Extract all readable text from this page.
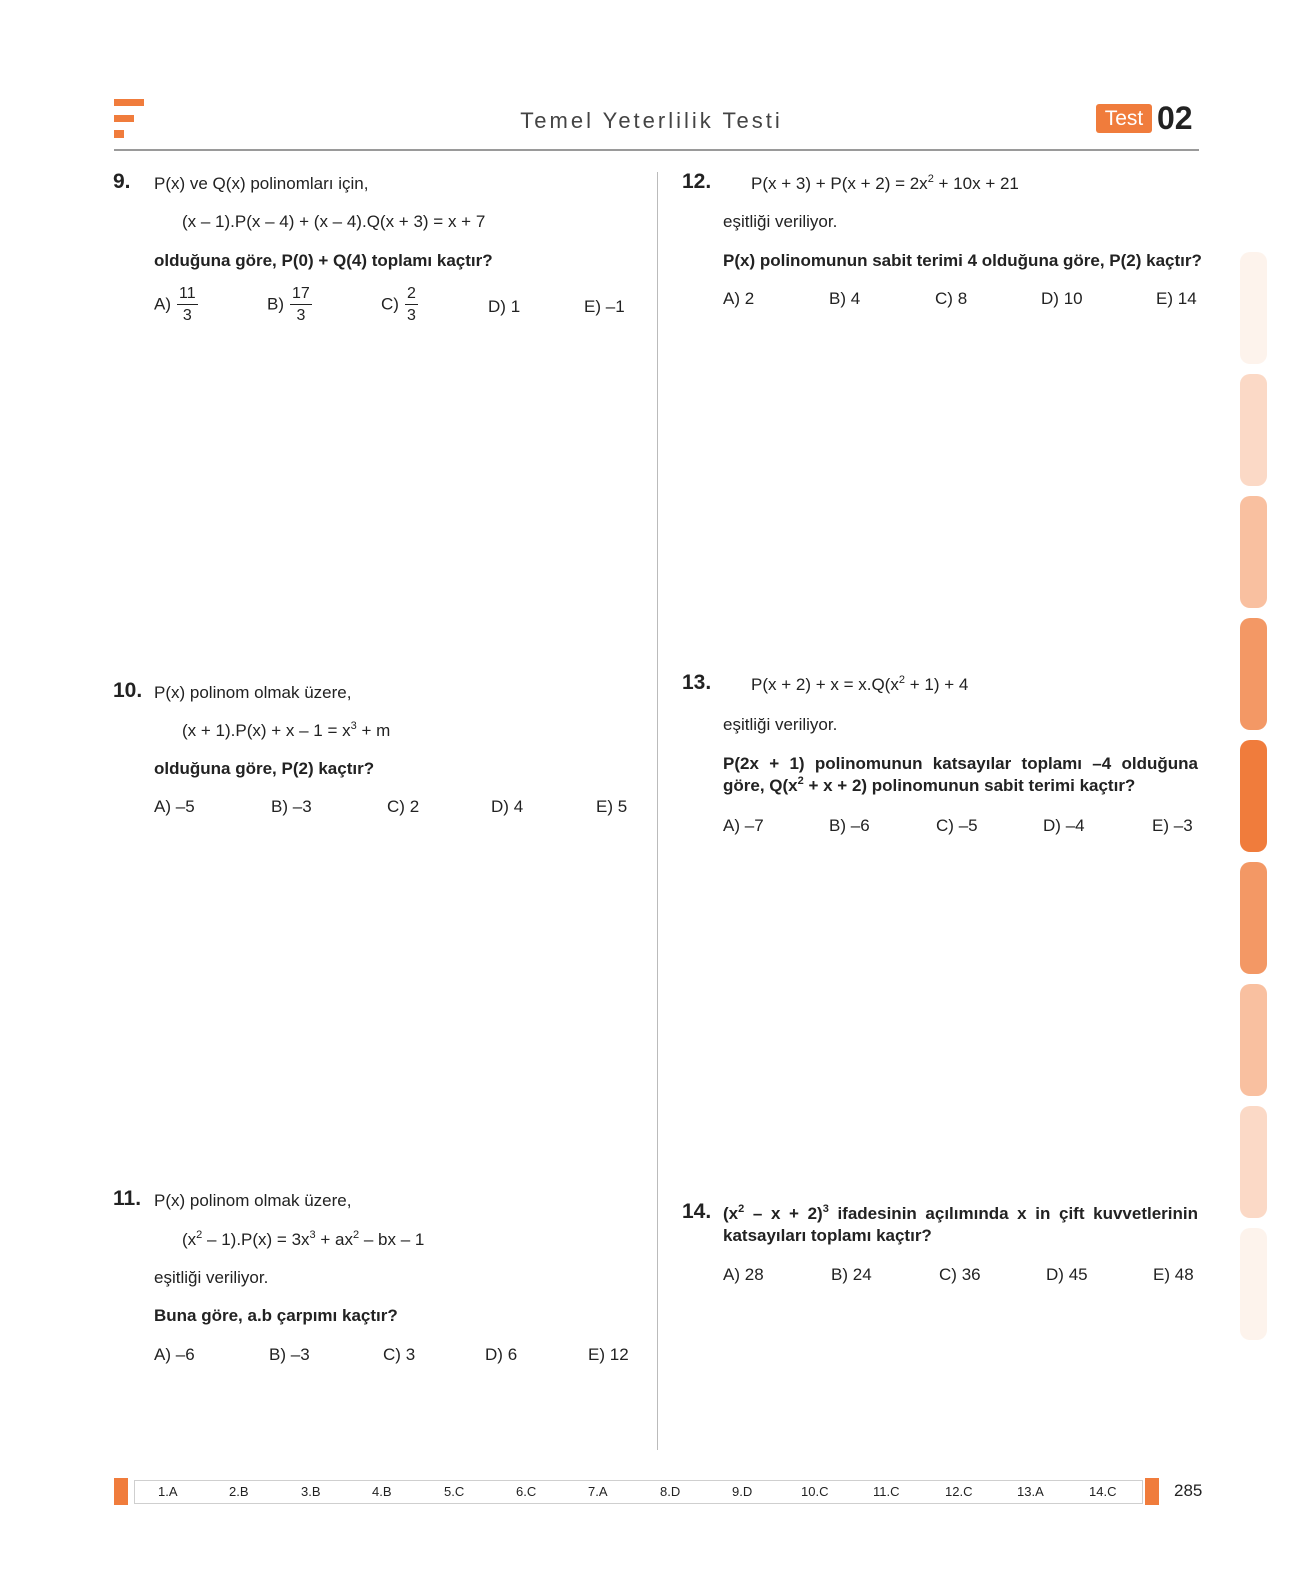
Temel Yeterlilik Testi	Test 02
9. P(x) ve Q(x) polinomları için,
(x – 1).P(x – 4) + (x – 4).Q(x + 3) = x + 7
olduğuna göre, P(0) + Q(4) toplamı kaçtır?
$A) \frac{11}{3}$	$B) \frac{17}{3}$	$C) \frac{2}{3}$	D) 1	E) –1
10. P(x) polinom olmak üzere,
$(x + 1).P(x) + x - 1 = x^3 + m$
olduğuna göre, P(2) kaçtır?
A) –5	B) –3	C) 2	D) 4	E) 5
11. P(x) polinom olmak üzere,
$(x^2 - 1).P(x) = 3x^3 + ax^2$ – bx – 1
eşitliği veriliyor.
Buna göre, a.b çarpımı kaçtır?
A) –6	B) –3	C) 3	D) 6	E) 12
12. $P(x + 3) + P(x + 2) = 2x^2 + 10x + 21$
eşitliği veriliyor.
P(x) polinomunun sabit terimi 4 olduğuna göre, P(2) kaçtır?
A) 2	B) 4	C) 8	D) 10	E) 14
13. $P(x + 2) + x = x.Q(x^2 + 1) + 4$
eşitliği veriliyor.
P(2x + 1) polinomunun katsayılar toplamı –4 olduğuna göre, $Q(x^2 + x + 2)$ polinomunun sabit terimi kaçtır?
A) –7	B) –6	C) –5	D) –4	E) –3
14. $(x^2 - x + 2)^3$ ifadesinin açılımında x in çift kuvvetlerinin katsayıları toplamı kaçtır?
A) 28	B) 24	C) 36	D) 45	E) 48
1.A	2.B	3.B	4.B	5.C	6.C	7.A	8.D	9.D	10.C	11.C	12.C	13.A	14.C	285
